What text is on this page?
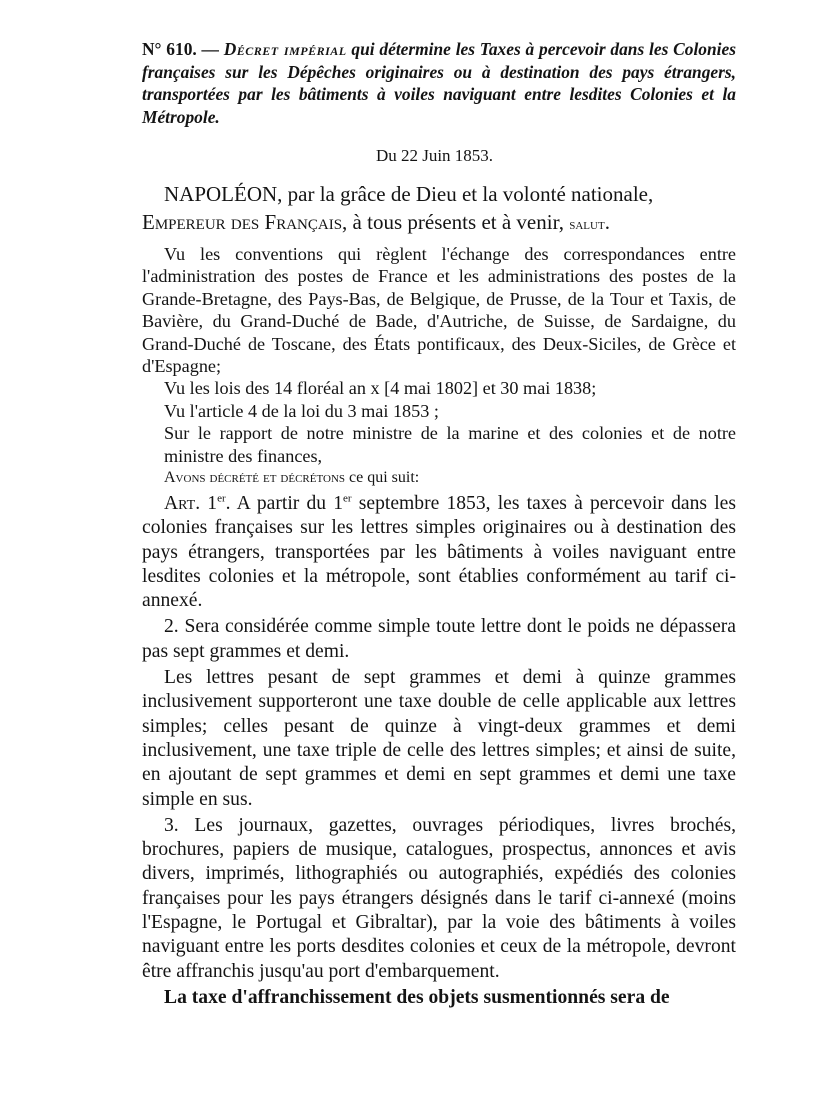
N° 610. — Décret impérial qui détermine les Taxes à percevoir dans les Colonies françaises sur les Dépêches originaires ou à destination des pays étrangers, transportées par les bâtiments à voiles naviguant entre lesdites Colonies et la Métropole.
Du 22 Juin 1853.
NAPOLÉON, par la grâce de Dieu et la volonté nationale,
Empereur des Français, à tous présents et à venir, salut.

Vu les conventions qui règlent l'échange des correspondances entre l'administration des postes de France et les administrations des postes de la Grande-Bretagne, des Pays-Bas, de Belgique, de Prusse, de la Tour et Taxis, de Bavière, du Grand-Duché de Bade, d'Autriche, de Suisse, de Sardaigne, du Grand-Duché de Toscane, des États pontificaux, des Deux-Siciles, de Grèce et d'Espagne;

Vu les lois des 14 floréal an x [4 mai 1802] et 30 mai 1838;

Vu l'article 4 de la loi du 3 mai 1853 ;

Sur le rapport de notre ministre de la marine et des colonies et de notre ministre des finances,

Avons décrété et décrétons ce qui suit:

Art. 1er. A partir du 1er septembre 1853, les taxes à percevoir dans les colonies françaises sur les lettres simples originaires ou à destination des pays étrangers, transportées par les bâtiments à voiles naviguant entre lesdites colonies et la métropole, sont établies conformément au tarif ci-annexé.

2. Sera considérée comme simple toute lettre dont le poids ne dépassera pas sept grammes et demi.

Les lettres pesant de sept grammes et demi à quinze grammes inclusivement supporteront une taxe double de celle applicable aux lettres simples; celles pesant de quinze à vingt-deux grammes et demi inclusivement, une taxe triple de celle des lettres simples; et ainsi de suite, en ajoutant de sept grammes et demi en sept grammes et demi une taxe simple en sus.

3. Les journaux, gazettes, ouvrages périodiques, livres brochés, brochures, papiers de musique, catalogues, prospectus, annonces et avis divers, imprimés, lithographiés ou autographiés, expédiés des colonies françaises pour les pays étrangers désignés dans le tarif ci-annexé (moins l'Espagne, le Portugal et Gibraltar), par la voie des bâtiments à voiles naviguant entre les ports desdites colonies et ceux de la métropole, devront être affranchis jusqu'au port d'embarquement.

La taxe d'affranchissement des objets susmentionnés sera de
